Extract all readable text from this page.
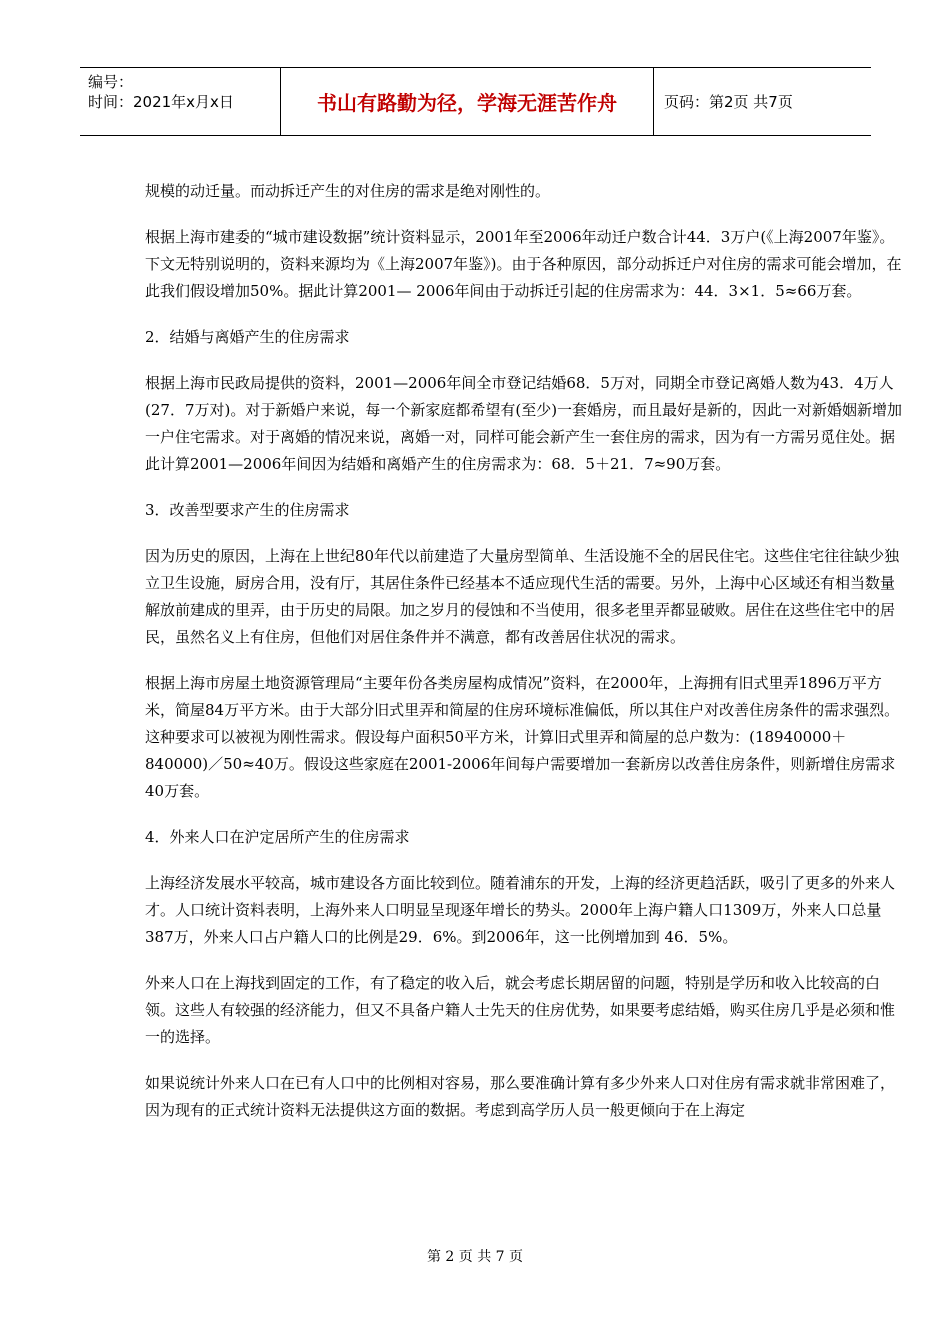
编号：
时间：2021年x月x日	书山有路勤为径，学海无涯苦作舟	页码：第2页 共7页

规模的动迁量。而动拆迁产生的对住房的需求是绝对刚性的。

根据上海市建委的“城市建设数据”统计资料显示，2001年至2006年动迁户数合计44．3万户(《上海2007年鉴》。下文无特别说明的，资料来源均为《上海2007年鉴》)。由于各种原因，部分动拆迁户对住房的需求可能会增加，在此我们假设增加50%。据此计算2001— 2006年间由于动拆迁引起的住房需求为：44．3×1．5≈66万套。

2．结婚与离婚产生的住房需求

根据上海市民政局提供的资料，2001—2006年间全市登记结婚68．5万对，同期全市登记离婚人数为43．4万人(27．7万对)。对于新婚户来说，每一个新家庭都希望有(至少)一套婚房，而且最好是新的，因此一对新婚姻新增加一户住宅需求。对于离婚的情况来说，离婚一对，同样可能会新产生一套住房的需求，因为有一方需另觅住处。据此计算2001—2006年间因为结婚和离婚产生的住房需求为：68．5＋21．7≈90万套。

3．改善型要求产生的住房需求

因为历史的原因，上海在上世纪80年代以前建造了大量房型简单、生活设施不全的居民住宅。这些住宅往往缺少独立卫生设施，厨房合用，没有厅，其居住条件已经基本不适应现代生活的需要。另外，上海中心区域还有相当数量解放前建成的里弄，由于历史的局限。加之岁月的侵蚀和不当使用，很多老里弄都显破败。居住在这些住宅中的居民，虽然名义上有住房，但他们对居住条件并不满意，都有改善居住状况的需求。

根据上海市房屋土地资源管理局“主要年份各类房屋构成情况”资料，在2000年，上海拥有旧式里弄1896万平方米，简屋84万平方米。由于大部分旧式里弄和简屋的住房环境标准偏低，所以其住户对改善住房条件的需求强烈。这种要求可以被视为刚性需求。假设每户面积50平方米，计算旧式里弄和简屋的总户数为：(18940000＋840000)／50≈40万。假设这些家庭在2001-2006年间每户需要增加一套新房以改善住房条件，则新增住房需求40万套。

4．外来人口在沪定居所产生的住房需求

上海经济发展水平较高，城市建设各方面比较到位。随着浦东的开发，上海的经济更趋活跃，吸引了更多的外来人才。人口统计资料表明，上海外来人口明显呈现逐年增长的势头。2000年上海户籍人口1309万，外来人口总量387万，外来人口占户籍人口的比例是29．6%。到2006年，这一比例增加到 46．5%。

外来人口在上海找到固定的工作，有了稳定的收入后，就会考虑长期居留的问题，特别是学历和收入比较高的白领。这些人有较强的经济能力，但又不具备户籍人士先天的住房优势，如果要考虑结婚，购买住房几乎是必须和惟一的选择。

如果说统计外来人口在已有人口中的比例相对容易，那么要准确计算有多少外来人口对住房有需求就非常困难了，因为现有的正式统计资料无法提供这方面的数据。考虑到高学历人员一般更倾向于在上海定

第 2 页 共 7 页
